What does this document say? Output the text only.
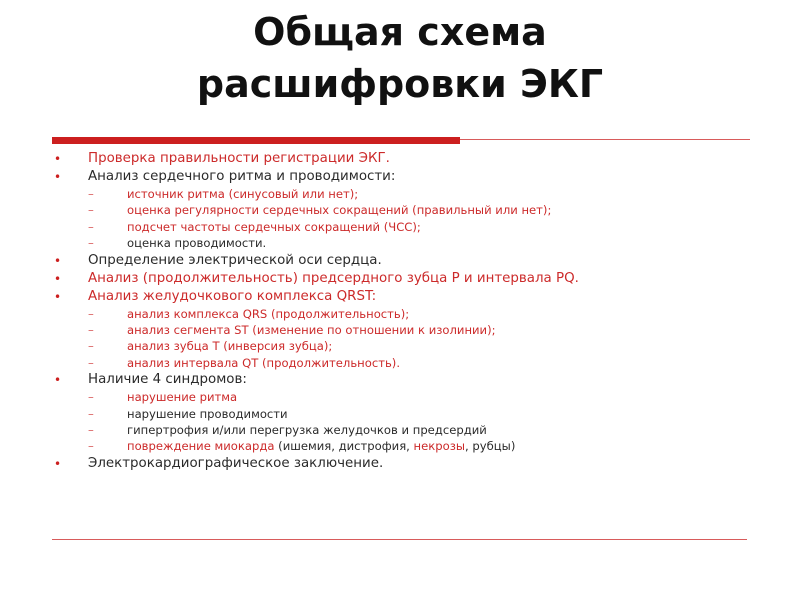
Общая схема
расшифровки ЭКГ
• Проверка правильности регистрации ЭКГ.
• Анализ сердечного ритма и проводимости:
–	источник ритма (синусовый или нет);
–	оценка регулярности сердечных сокращений (правильный или нет);
–	подсчет частоты сердечных сокращений (ЧСС);
–	оценка проводимости.
• Определение электрической оси сердца.
• Анализ (продолжительность) предсердного зубца P и интервала PQ.
• Анализ желудочкового комплекса QRST:
–	анализ комплекса QRS (продолжительность);
–	анализ сегмента ST (изменение по отношении к изолинии);
–	анализ зубца T (инверсия зубца);
–	анализ интервала QT (продолжительность).
• Наличие 4 синдромов:
–	нарушение ритма
–	нарушение проводимости
–	гипертрофия и/или перегрузка желудочков и предсердий
–	повреждение миокарда (ишемия, дистрофия, некрозы, рубцы)
• Электрокардиографическое заключение.
